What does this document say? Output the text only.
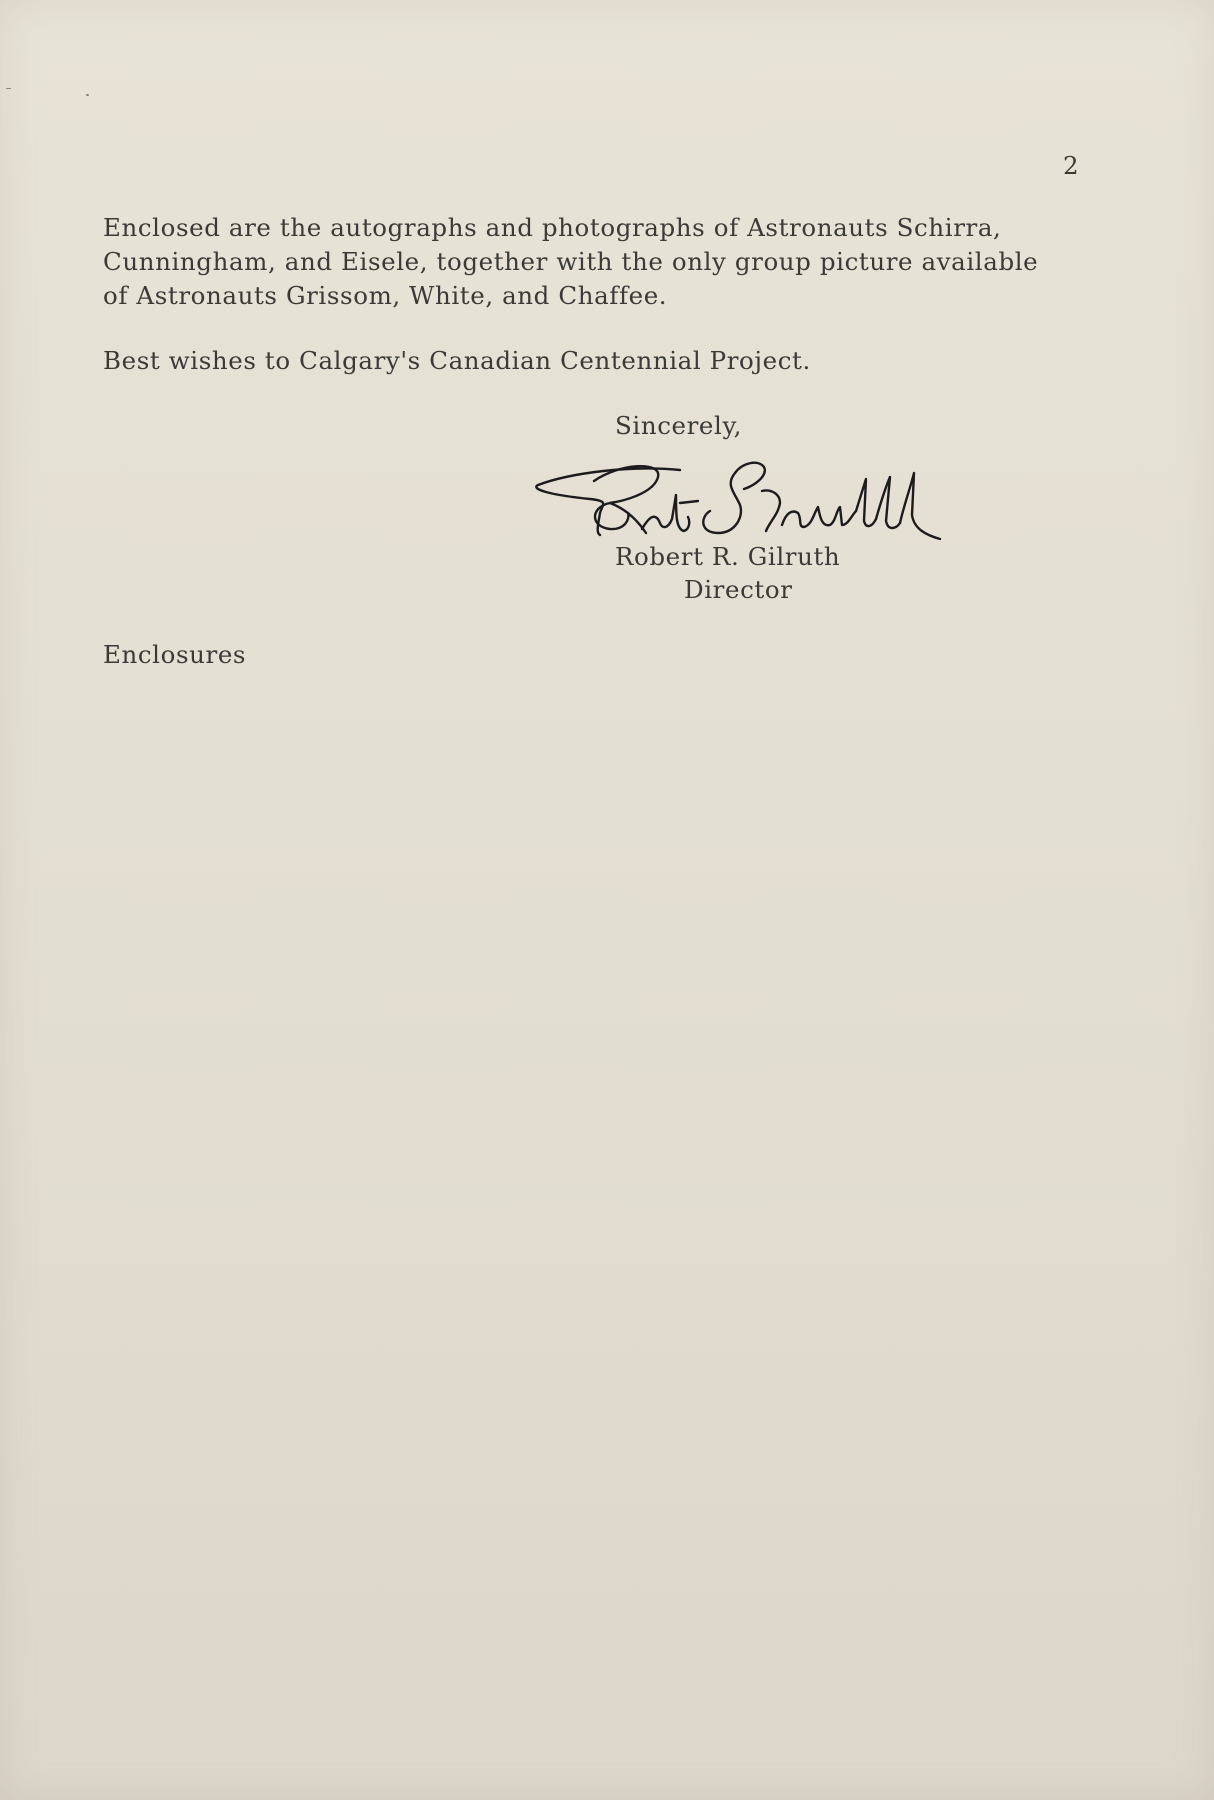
2

Enclosed are the autographs and photographs of Astronauts Schirra,

Cunningham, and Eisele, together with the only group picture available

of Astronauts Grissom, White, and Chaffee.

Best wishes to Calgary's Canadian Centennial Project.

Sincerely,

Robert R. Gilruth

Director

Enclosures
